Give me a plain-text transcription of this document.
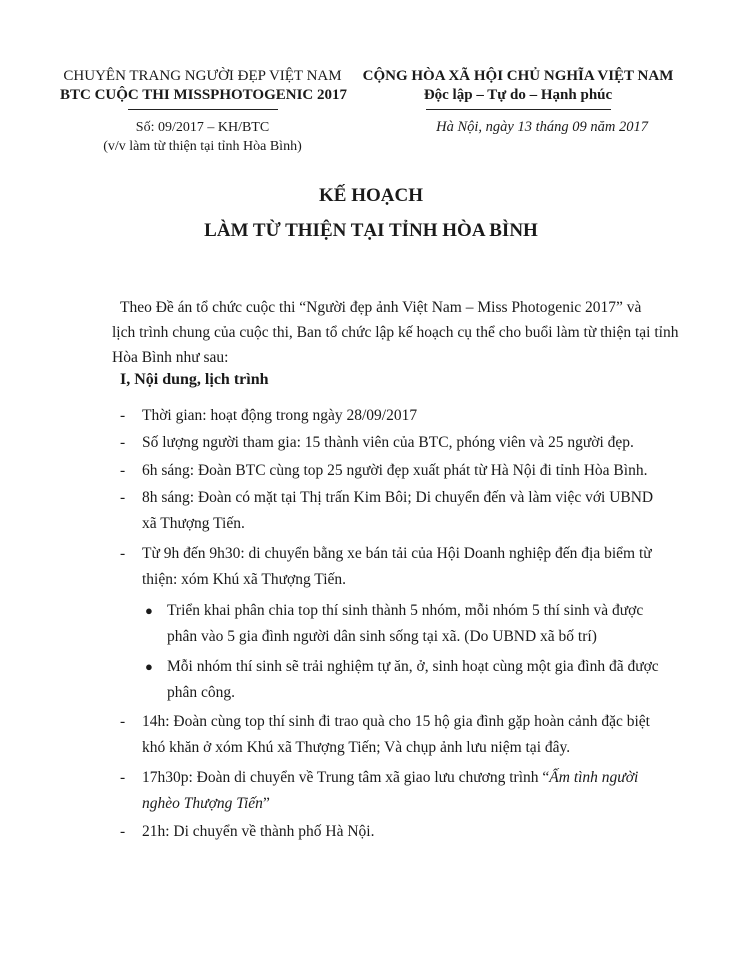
CHUYÊN TRANG NGƯỜI ĐẸP VIỆT NAM
BTC CUỘC THI MISSPHOTOGENIC 2017
CỘNG HÒA XÃ HỘI CHỦ NGHĨA VIỆT NAM
Độc lập – Tự do – Hạnh phúc
Số: 09/2017 – KH/BTC
(v/v làm từ thiện tại tỉnh Hòa Bình)
Hà Nội, ngày 13 tháng 09 năm 2017
KẾ HOẠCH
LÀM TỪ THIỆN TẠI TỈNH HÒA BÌNH
Theo Đề án tổ chức cuộc thi “Người đẹp ảnh Việt Nam – Miss Photogenic 2017” và
lịch trình chung của cuộc thi, Ban tổ chức lập kế hoạch cụ thể cho buổi làm từ thiện tại tỉnh
Hòa Bình như sau:
I, Nội dung, lịch trình
- Thời gian: hoạt động trong ngày 28/09/2017
- Số lượng người tham gia: 15 thành viên của BTC, phóng viên và 25 người đẹp.
- 6h sáng: Đoàn BTC cùng top 25 người đẹp xuất phát từ Hà Nội đi tỉnh Hòa Bình.
- 8h sáng: Đoàn có mặt tại Thị trấn Kim Bôi; Di chuyển đến và làm việc với UBND
xã Thượng Tiến.
- Từ 9h đến 9h30: di chuyển bằng xe bán tải của Hội Doanh nghiệp đến địa biểm từ
thiện: xóm Khú xã Thượng Tiến.
● Triển khai phân chia top thí sinh thành 5 nhóm, mỗi nhóm 5 thí sinh và được
phân vào 5 gia đình người dân sinh sống tại xã. (Do UBND xã bố trí)
● Mỗi nhóm thí sinh sẽ trải nghiệm tự ăn, ở, sinh hoạt cùng một gia đình đã được
phân công.
- 14h: Đoàn cùng top thí sinh đi trao quà cho 15 hộ gia đình gặp hoàn cảnh đặc biệt
khó khăn ở xóm Khú xã Thượng Tiến; Và chụp ảnh lưu niệm tại đây.
- 17h30p: Đoàn di chuyển về Trung tâm xã giao lưu chương trình “Ấm tình người
nghèo Thượng Tiến”
- 21h: Di chuyển về thành phố Hà Nội.
